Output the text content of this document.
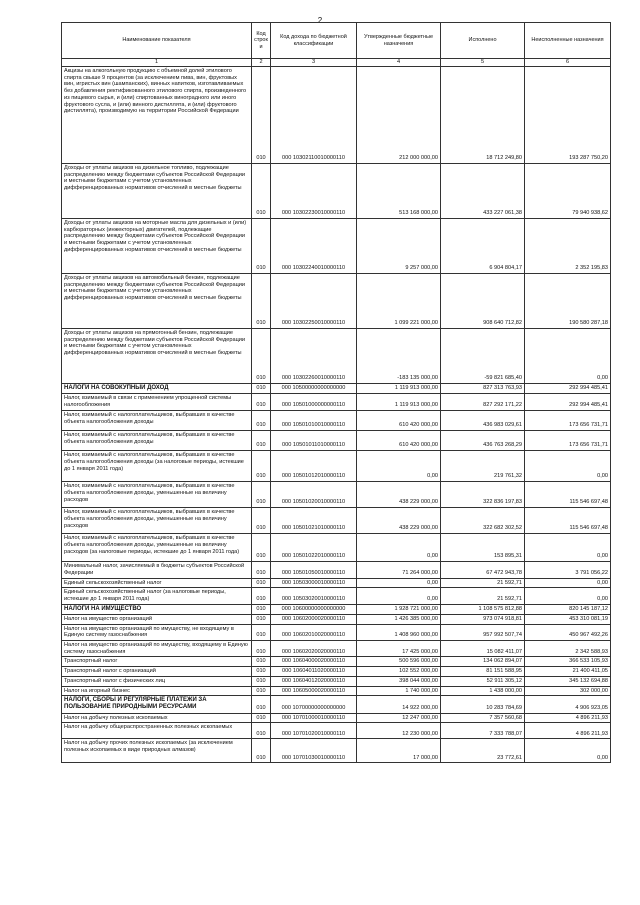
2
Наименование показателя	Код строк и	Код дохода по бюджетной классификации	Утвержденные бюджетные назначения	Исполнено	Неисполненные назначения
1	2	3	4	5	6
Акцизы на алкогольную продукцию с объемной долей этилового спирта свыше 9 процентов (за исключением пива, вин, фруктовых вин, игристых вин (шампанских), винных напитков, изготавливаемых без добавления ректификованного этилового спирта, произведенного из пищевого сырья, и (или) спиртованных виноградного или иного фруктового сусла, и (или) винного дистиллята, и (или) фруктового дистиллята), производимую на территории Российской Федерации	010	000 10302110010000110	212 000 000,00	18 712 249,80	193 287 750,20
Доходы от уплаты акцизов на дизельное топливо, подлежащие распределению между бюджетами субъектов Российской Федерации и местными бюджетами с учетом установленных дифференцированных нормативов отчислений в местные бюджеты	010	000 10302230010000110	513 168 000,00	433 227 061,38	79 940 938,62
Доходы от уплаты акцизов на моторные масла для дизельных и (или) карбюраторных (инжекторных) двигателей, подлежащие распределению между бюджетами субъектов Российской Федерации и местными бюджетами с учетом установленных дифференцированных нормативов отчислений в местные бюджеты	010	000 10302240010000110	9 257 000,00	6 904 804,17	2 352 195,83
Доходы от уплаты акцизов на автомобильный бензин, подлежащие распределению между бюджетами субъектов Российской Федерации и местными бюджетами с учетом установленных дифференцированных нормативов отчислений в местные бюджеты	010	000 10302250010000110	1 099 221 000,00	908 640 712,82	190 580 287,18
Доходы от уплаты акцизов на прямогонный бензин, подлежащие распределению между бюджетами субъектов Российской Федерации и местными бюджетами с учетом установленных дифференцированных нормативов отчислений в местные бюджеты	010	000 10302260010000110	-183 135 000,00	-59 821 685,40	0,00
НАЛОГИ НА СОВОКУПНЫЙ ДОХОД	010	000 10500000000000000	1 119 913 000,00	827 313 763,93	292 994 485,41
Налог, взимаемый в связи с применением упрощенной системы налогообложения	010	000 10501000000000110	1 119 913 000,00	827 292 171,22	292 994 485,41
Налог, взимаемый с налогоплательщиков, выбравших в качестве объекта налогообложения доходы	010	000 10501010010000110	610 420 000,00	436 983 029,61	173 656 731,71
Налог, взимаемый с налогоплательщиков, выбравших в качестве объекта налогообложения доходы	010	000 10501011010000110	610 420 000,00	436 763 268,29	173 656 731,71
Налог, взимаемый с налогоплательщиков, выбравших в качестве объекта налогообложения доходы (за налоговые периоды, истекшие до 1 января 2011 года)	010	000 10501012010000110	0,00	219 761,32	0,00
Налог, взимаемый с налогоплательщиков, выбравших в качестве объекта налогообложения доходы, уменьшенные на величину расходов	010	000 10501020010000110	438 229 000,00	322 836 197,83	115 546 697,48
Налог, взимаемый с налогоплательщиков, выбравших в качестве объекта налогообложения доходы, уменьшенные на величину расходов	010	000 10501021010000110	438 229 000,00	322 682 302,52	115 546 697,48
Налог, взимаемый с налогоплательщиков, выбравших в качестве объекта налогообложения доходы, уменьшенные на величину расходов (за налоговые периоды, истекшие до 1 января 2011 года)	010	000 10501022010000110	0,00	153 895,31	0,00
Минимальный налог, зачисляемый в бюджеты субъектов Российской Федерации	010	000 10501050010000110	71 264 000,00	67 472 943,78	3 791 056,22
Единый сельскохозяйственный налог	010	000 10503000010000110	0,00	21 592,71	0,00
Единый сельскохозяйственный налог (за налоговые периоды, истекшие до 1 января 2011 года)	010	000 10503020010000110	0,00	21 592,71	0,00
НАЛОГИ НА ИМУЩЕСТВО	010	000 10600000000000000	1 928 721 000,00	1 108 575 812,88	820 145 187,12
Налог на имущество организаций	010	000 10602000020000110	1 426 385 000,00	973 074 918,81	453 310 081,19
Налог на имущество организаций по имуществу, не входящему в Единую систему газоснабжения	010	000 10602010020000110	1 408 960 000,00	957 992 507,74	450 967 492,26
Налог на имущество организаций по имуществу, входящему в Единую систему газоснабжения	010	000 10602020020000110	17 425 000,00	15 082 411,07	2 342 588,93
Транспортный налог	010	000 10604000020000110	500 596 000,00	134 062 894,07	366 533 105,93
Транспортный налог с организаций	010	000 10604011020000110	102 552 000,00	81 151 588,95	21 400 411,05
Транспортный налог с физических лиц	010	000 10604012020000110	398 044 000,00	52 911 305,12	345 132 694,88
Налог на игорный бизнес	010	000 10605000020000110	1 740 000,00	1 438 000,00	302 000,00
НАЛОГИ, СБОРЫ И РЕГУЛЯРНЫЕ ПЛАТЕЖИ ЗА ПОЛЬЗОВАНИЕ ПРИРОДНЫМИ РЕСУРСАМИ	010	000 10700000000000000	14 922 000,00	10 283 784,69	4 906 923,05
Налог на добычу полезных ископаемых	010	000 10701000010000110	12 247 000,00	7 357 560,68	4 896 211,93
Налог на добычу общераспространенных полезных ископаемых	010	000 10701020010000110	12 230 000,00	7 333 788,07	4 896 211,93
Налог на добычу прочих полезных ископаемых (за исключением полезных ископаемых в виде природных алмазов)	010	000 10701030010000110	17 000,00	23 772,61	0,00
